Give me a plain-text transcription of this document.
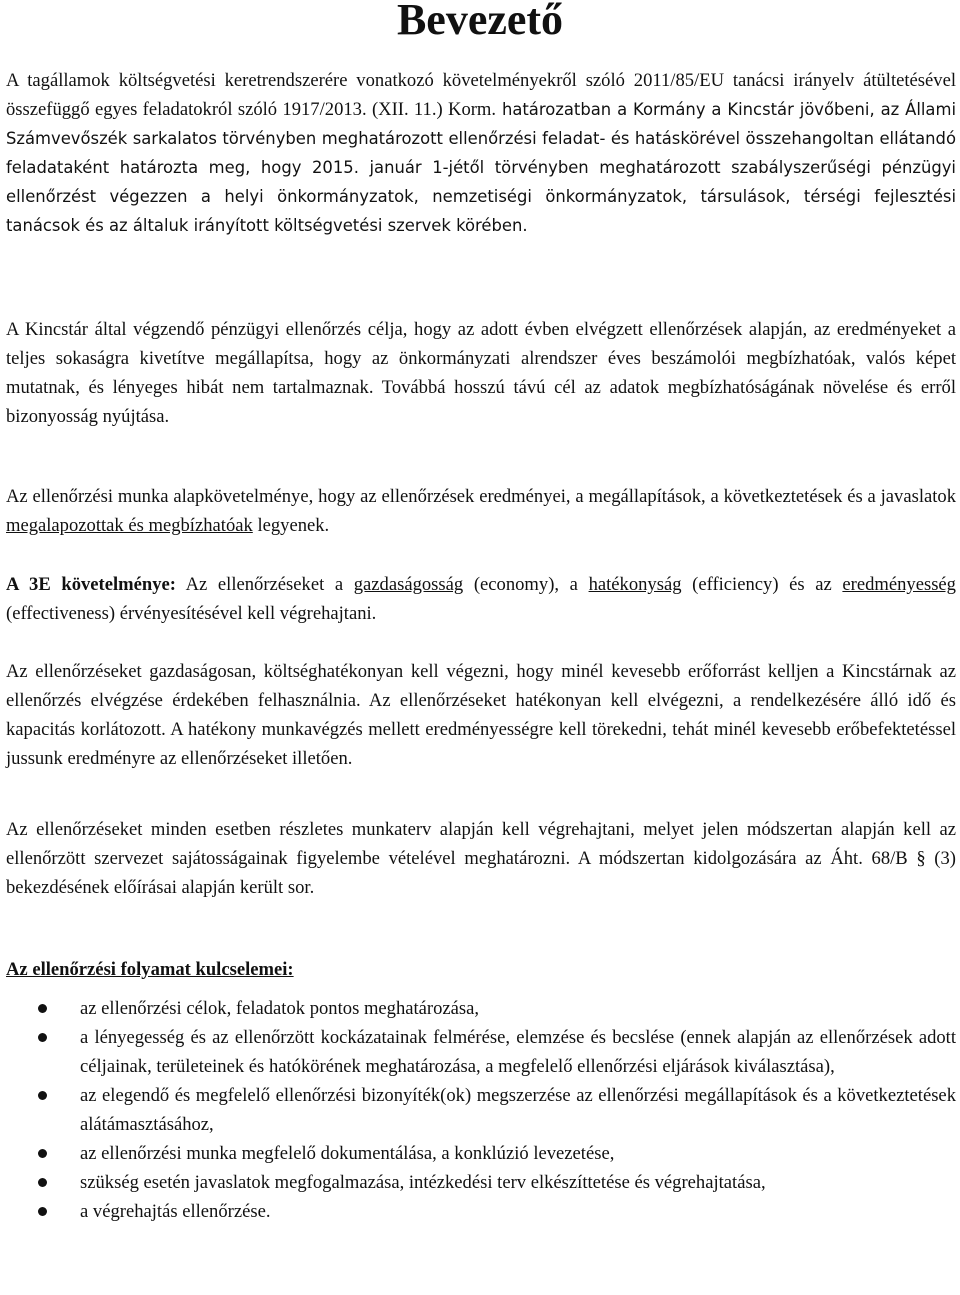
Bevezető

A tagállamok költségvetési keretrendszerére vonatkozó követelményekről szóló 2011/85/EU tanácsi irányelv átültetésével összefüggő egyes feladatokról szóló 1917/2013. (XII. 11.) Korm. határozatban a Kormány a Kincstár jövőbeni, az Állami Számvevőszék sarkalatos törvényben meghatározott ellenőrzési feladat- és hatáskörével összehangoltan ellátandó feladataként határozta meg, hogy 2015. január 1-jétől törvényben meghatározott szabályszerűségi pénzügyi ellenőrzést végezzen a helyi önkormányzatok, nemzetiségi önkormányzatok, társulások, térségi fejlesztési tanácsok és az általuk irányított költségvetési szervek körében.

A Kincstár által végzendő pénzügyi ellenőrzés célja, hogy az adott évben elvégzett ellenőrzések alapján, az eredményeket a teljes sokaságra kivetítve megállapítsa, hogy az önkormányzati alrendszer éves beszámolói megbízhatóak, valós képet mutatnak, és lényeges hibát nem tartalmaznak. Továbbá hosszú távú cél az adatok megbízhatóságának növelése és erről bizonyosság nyújtása.

Az ellenőrzési munka alapkövetelménye, hogy az ellenőrzések eredményei, a megállapítások, a következtetések és a javaslatok megalapozottak és megbízhatóak legyenek.

A 3E követelménye: Az ellenőrzéseket a gazdaságosság (economy), a hatékonyság (efficiency) és az eredményesség (effectiveness) érvényesítésével kell végrehajtani.

Az ellenőrzéseket gazdaságosan, költséghatékonyan kell végezni, hogy minél kevesebb erőforrást kelljen a Kincstárnak az ellenőrzés elvégzése érdekében felhasználnia. Az ellenőrzéseket hatékonyan kell elvégezni, a rendelkezésére álló idő és kapacitás korlátozott. A hatékony munkavégzés mellett eredményességre kell törekedni, tehát minél kevesebb erőbefektetéssel jussunk eredményre az ellenőrzéseket illetően.

Az ellenőrzéseket minden esetben részletes munkaterv alapján kell végrehajtani, melyet jelen módszertan alapján kell az ellenőrzött szervezet sajátosságainak figyelembe vételével meghatározni. A módszertan kidolgozására az Áht. 68/B § (3) bekezdésének előírásai alapján került sor.

Az ellenőrzési folyamat kulcselemei:

az ellenőrzési célok, feladatok pontos meghatározása,
a lényegesség és az ellenőrzött kockázatainak felmérése, elemzése és becslése (ennek alapján az ellenőrzések adott céljainak, területeinek és hatókörének meghatározása, a megfelelő ellenőrzési eljárások kiválasztása),
az elegendő és megfelelő ellenőrzési bizonyíték(ok) megszerzése az ellenőrzési megállapítások és a következtetések alátámasztásához,
az ellenőrzési munka megfelelő dokumentálása, a konklúzió levezetése,
szükség esetén javaslatok megfogalmazása, intézkedési terv elkészíttetése és végrehajtatása,
a végrehajtás ellenőrzése.
